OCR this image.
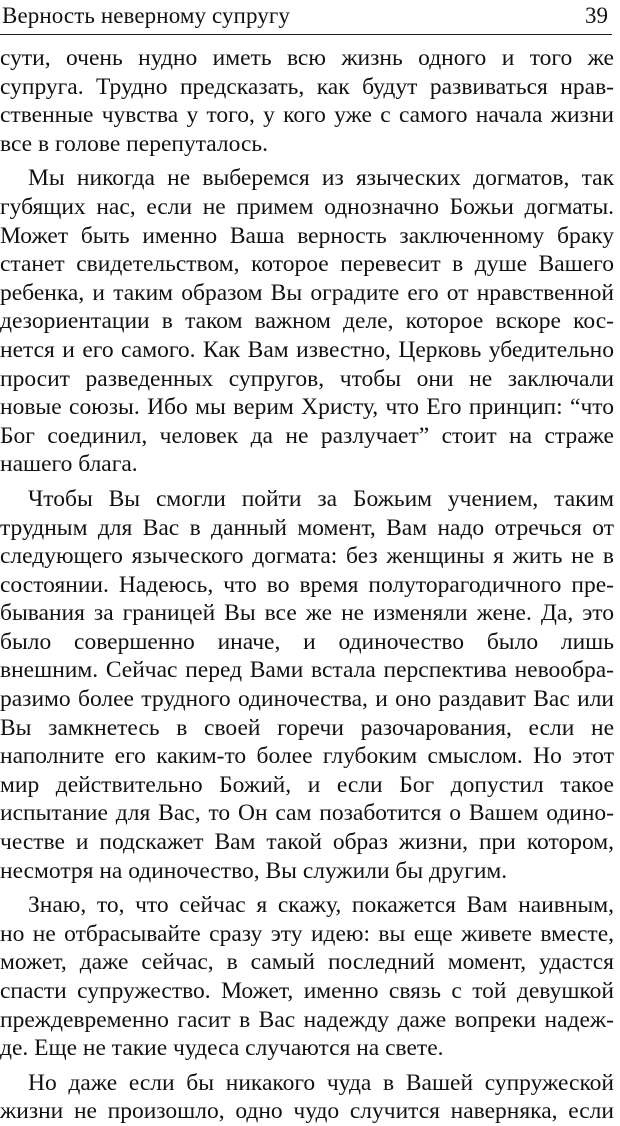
Верность неверному супругу	39
сути, очень нудно иметь всю жизнь одного и того же
супруга. Трудно предсказать, как будут развиваться нрав-
ственные чувства у того, у кого уже с самого начала жизни
все в голове перепуталось.
Мы никогда не выберемся из языческих догматов, так
губящих нас, если не примем однозначно Божьи догматы.
Может быть именно Ваша верность заключенному браку
станет свидетельством, которое перевесит в душе Вашего
ребенка, и таким образом Вы оградите его от нравственной
дезориентации в таком важном деле, которое вскоре кос-
нется и его самого. Как Вам известно, Церковь убедительно
просит разведенных супругов, чтобы они не заключали
новые союзы. Ибо мы верим Христу, что Его принцип: “что
Бог соединил, человек да не разлучает” стоит на страже
нашего блага.
Чтобы Вы смогли пойти за Божьим учением, таким
трудным для Вас в данный момент, Вам надо отречься от
следующего языческого догмата: без женщины я жить не в
состоянии. Надеюсь, что во время полуторагодичного пре-
бывания за границей Вы все же не изменяли жене. Да, это
было совершенно иначе, и одиночество было лишь
внешним. Сейчас перед Вами встала перспектива невообра-
разимо более трудного одиночества, и оно раздавит Вас или
Вы замкнетесь в своей горечи разочарования, если не
наполните его каким-то более глубоким смыслом. Но этот
мир действительно Божий, и если Бог допустил такое
испытание для Вас, то Он сам позаботится о Вашем одино-
честве и подскажет Вам такой образ жизни, при котором,
несмотря на одиночество, Вы служили бы другим.
Знаю, то, что сейчас я скажу, покажется Вам наивным,
но не отбрасывайте сразу эту идею: вы еще живете вместе,
может, даже сейчас, в самый последний момент, удастся
спасти супружество. Может, именно связь с той девушкой
преждевременно гасит в Вас надежду даже вопреки надеж-
де. Еще не такие чудеса случаются на свете.
Но даже если бы никакого чуда в Вашей супружеской
жизни не произошло, одно чудо случится наверняка, если
